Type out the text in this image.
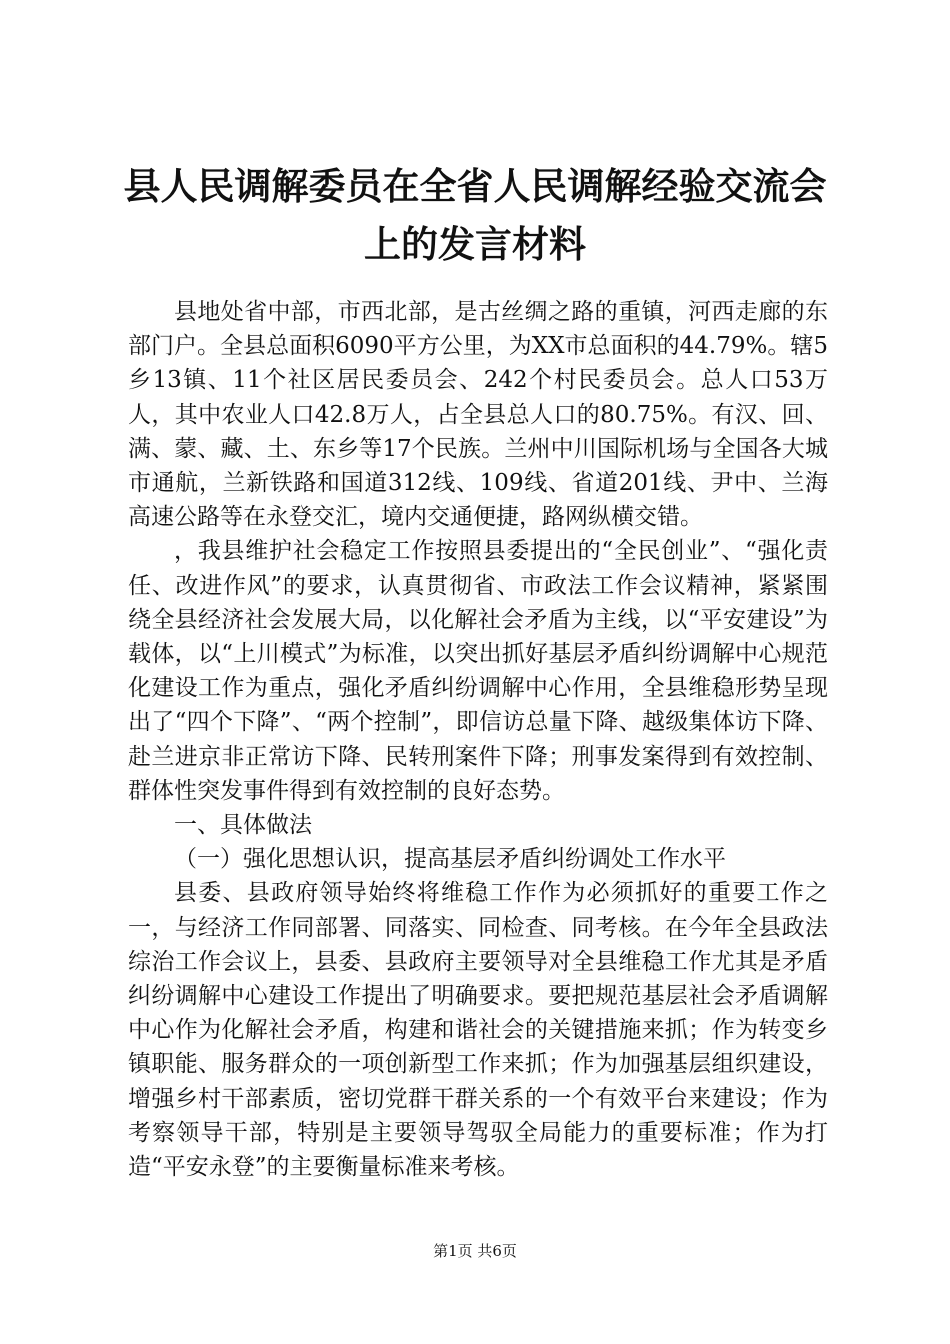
县人民调解委员在全省人民调解经验交流会上的发言材料

县地处省中部，市西北部，是古丝绸之路的重镇，河西走廊的东部门户。全县总面积6090平方公里，为XX市总面积的44.79%。辖5乡13镇、11个社区居民委员会、242个村民委员会。总人口53万人，其中农业人口42.8万人，占全县总人口的80.75%。有汉、回、满、蒙、藏、土、东乡等17个民族。兰州中川国际机场与全国各大城市通航，兰新铁路和国道312线、109线、省道201线、尹中、兰海高速公路等在永登交汇，境内交通便捷，路网纵横交错。

，我县维护社会稳定工作按照县委提出的“全民创业”、“强化责任、改进作风”的要求，认真贯彻省、市政法工作会议精神，紧紧围绕全县经济社会发展大局，以化解社会矛盾为主线，以“平安建设”为载体，以“上川模式”为标准，以突出抓好基层矛盾纠纷调解中心规范化建设工作为重点，强化矛盾纠纷调解中心作用，全县维稳形势呈现出了“四个下降”、“两个控制”，即信访总量下降、越级集体访下降、赴兰进京非正常访下降、民转刑案件下降；刑事发案得到有效控制、群体性突发事件得到有效控制的良好态势。

一、具体做法

（一）强化思想认识，提高基层矛盾纠纷调处工作水平

县委、县政府领导始终将维稳工作作为必须抓好的重要工作之一，与经济工作同部署、同落实、同检查、同考核。在今年全县政法综治工作会议上，县委、县政府主要领导对全县维稳工作尤其是矛盾纠纷调解中心建设工作提出了明确要求。要把规范基层社会矛盾调解中心作为化解社会矛盾，构建和谐社会的关键措施来抓；作为转变乡镇职能、服务群众的一项创新型工作来抓；作为加强基层组织建设，增强乡村干部素质，密切党群干群关系的一个有效平台来建设；作为考察领导干部，特别是主要领导驾驭全局能力的重要标准；作为打造“平安永登”的主要衡量标准来考核。

第1页 共6页
